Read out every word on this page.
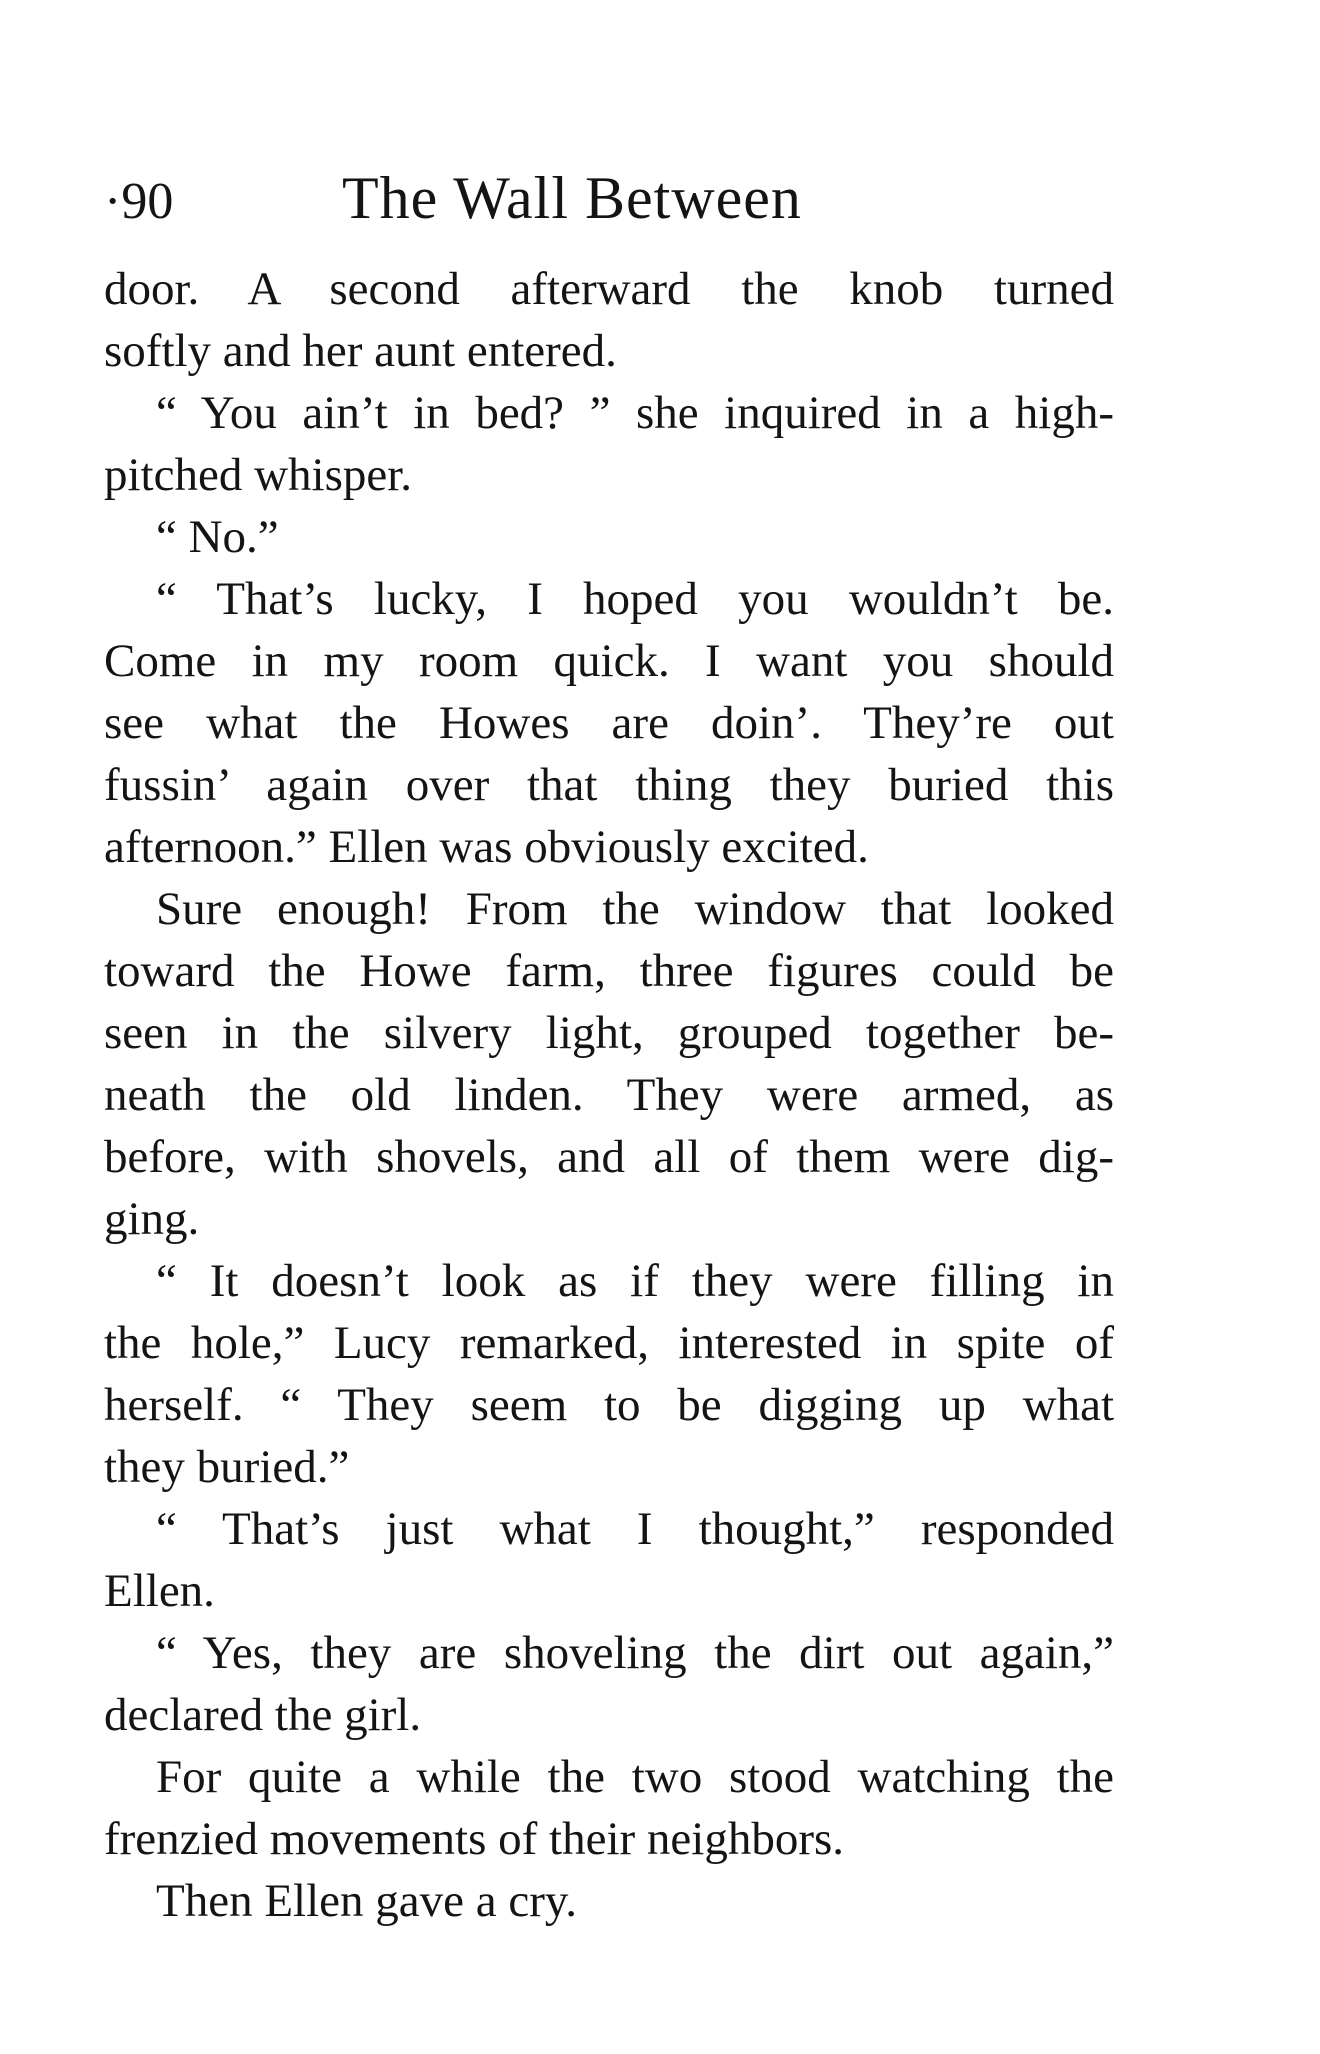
·90	The Wall Between
door. A second afterward the knob turned
softly and her aunt entered.
“ You ain’t in bed? ” she inquired in a high-
pitched whisper.
“ No.”
“ That’s lucky, I hoped you wouldn’t be.
Come in my room quick. I want you should
see what the Howes are doin’. They’re out
fussin’ again over that thing they buried this
afternoon.” Ellen was obviously excited.
Sure enough! From the window that looked
toward the Howe farm, three figures could be
seen in the silvery light, grouped together be-
neath the old linden. They were armed, as
before, with shovels, and all of them were dig-
ging.
“ It doesn’t look as if they were filling in
the hole,” Lucy remarked, interested in spite of
herself. “ They seem to be digging up what
they buried.”
“ That’s just what I thought,” responded
Ellen.
“ Yes, they are shoveling the dirt out again,”
declared the girl.
For quite a while the two stood watching the
frenzied movements of their neighbors.
Then Ellen gave a cry.
